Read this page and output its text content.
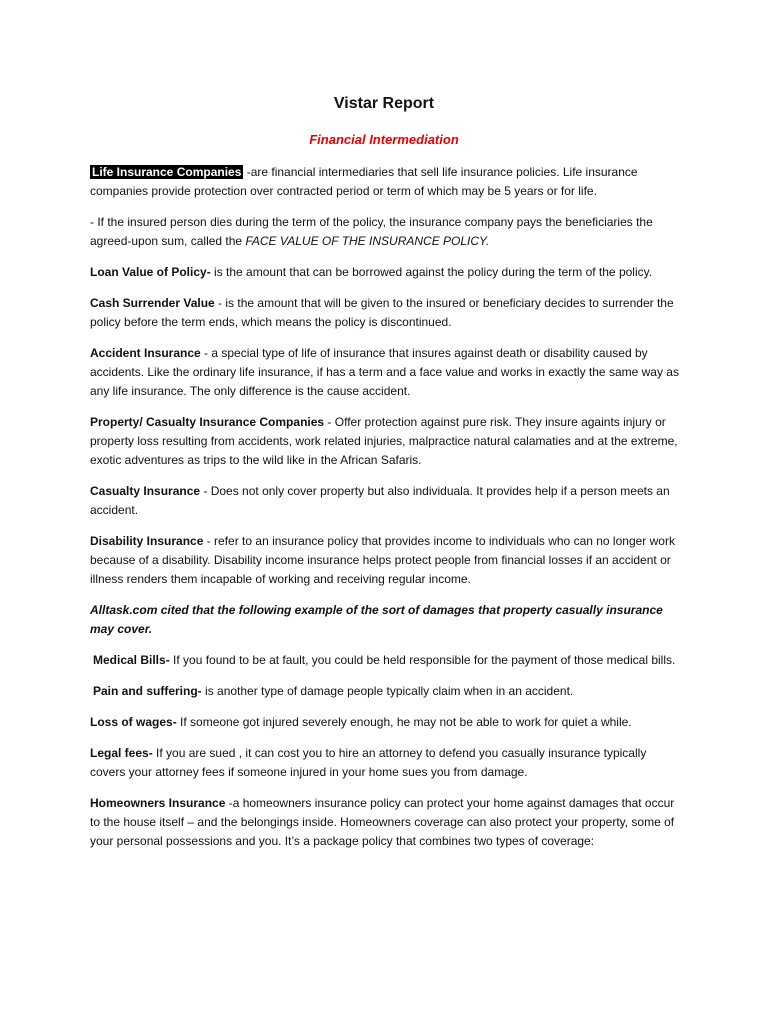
Vistar Report
Financial Intermediation

Life Insurance Companies -are financial intermediaries that sell life insurance policies. Life insurance companies provide protection over contracted period or term of which may be 5 years or for life.

- If the insured person dies during the term of the policy, the insurance company pays the beneficiaries the agreed-upon sum, called the FACE VALUE OF THE INSURANCE POLICY.

Loan Value of Policy- is the amount that can be borrowed against the policy during the term of the policy.

Cash Surrender Value - is the amount that will be given to the insured or beneficiary decides to surrender the policy before the term ends, which means the policy is discontinued.

Accident Insurance - a special type of life of insurance that insures against death or disability caused by accidents. Like the ordinary life insurance, if has a term and a face value and works in exactly the same way as any life insurance. The only difference is the cause accident.

Property/ Casualty Insurance Companies - Offer protection against pure risk. They insure againts injury or property loss resulting from accidents, work related injuries, malpractice natural calamaties and at the extreme, exotic adventures as trips to the wild like in the African Safaris.

Casualty Insurance - Does not only cover property but also individuala. It provides help if a person meets an accident.

Disability Insurance - refer to an insurance policy that provides income to individuals who can no longer work because of a disability. Disability income insurance helps protect people from financial losses if an accident or illness renders them incapable of working and receiving regular income.

Alltask.com cited that the following example of the sort of damages that property casually insurance may cover.

Medical Bills- If you found to be at fault, you could be held responsible for the payment of those medical bills.

Pain and suffering- is another type of damage people typically claim when in an accident.

Loss of wages- If someone got injured severely enough, he may not be able to work for quiet a while.

Legal fees- If you are sued , it can cost you to hire an attorney to defend you casually insurance typically covers your attorney fees if someone injured in your home sues you from damage.

Homeowners Insurance -a homeowners insurance policy can protect your home against damages that occur to the house itself – and the belongings inside. Homeowners coverage can also protect your property, some of your personal possessions and you. It’s a package policy that combines two types of coverage:
